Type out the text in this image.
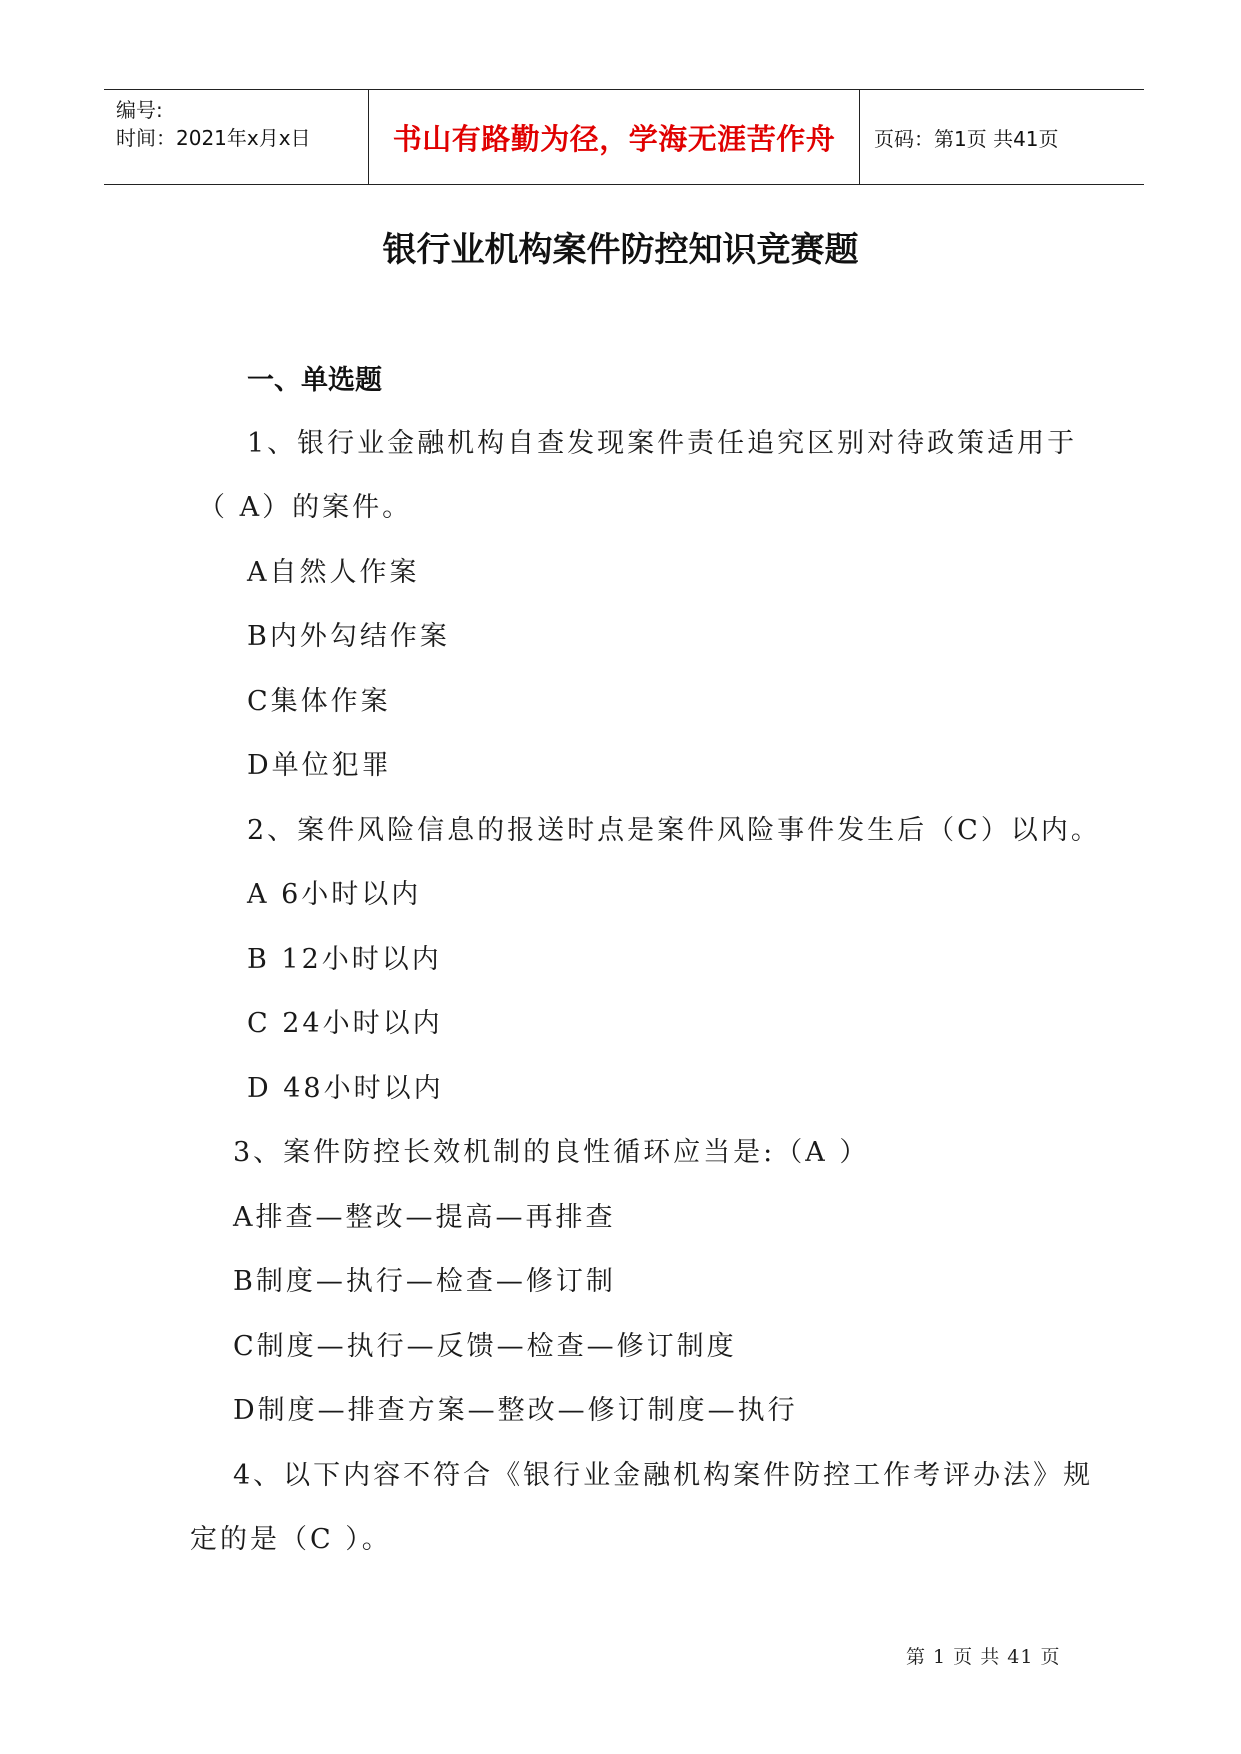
编号:
时间：2021年x月x日	书山有路勤为径，学海无涯苦作舟 页码：第1页 共41页
银行业机构案件防控知识竞赛题
一、单选题
1、银行业金融机构自查发现案件责任追究区别对待政策适用于
（ A）的案件。
A自然人作案
B内外勾结作案
C集体作案
D单位犯罪
2、案件风险信息的报送时点是案件风险事件发生后（C）以内。
A 6小时以内
B 12小时以内
C 24小时以内
D 48小时以内
3、案件防控长效机制的良性循环应当是:（A ）
A排查—整改—提高—再排查
B制度—执行—检查—修订制
C制度—执行—反馈—检查—修订制度
D制度—排查方案—整改—修订制度—执行
4、以下内容不符合《银行业金融机构案件防控工作考评办法》规
定的是（C ）。
第 1 页 共 41 页
